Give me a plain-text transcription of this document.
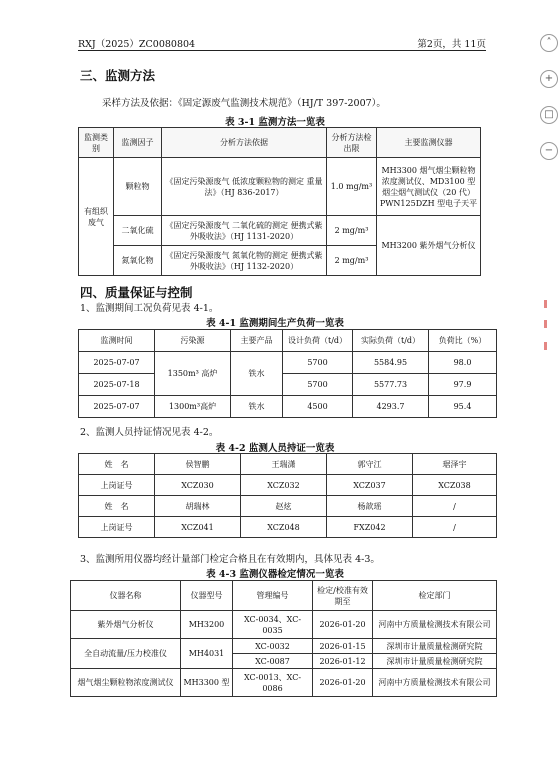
RXJ（2025）ZC0080804	第2页，共 11页
三、监测方法
采样方法及依据：《固定源废气监测技术规范》（HJ/T 397-2007）。
表 3-1 监测方法一览表
监测类别	监测因子	分析方法依据	分析方法检出限	主要监测仪器
有组织废气	颗粒物	《固定污染源废气 低浓度颗粒物的测定 重量法》（HJ 836-2017）	1.0 mg/m³	MH3300 烟气烟尘颗粒物浓度测试仪、MD3100 型烟尘烟气测试仪（20 代）PWN125DZH 型电子天平
	二氧化硫	《固定污染源废气 二氧化硫的测定 便携式紫外吸收法》（HJ 1131-2020）	2 mg/m³	MH3200 紫外烟气分析仪
	氮氧化物	《固定污染源废气 氮氧化物的测定 便携式紫外吸收法》（HJ 1132-2020）	2 mg/m³	
四、质量保证与控制
1、监测期间工况负荷见表 4-1。
表 4-1 监测期间生产负荷一览表
监测时间	污染源	主要产品	设计负荷（t/d）	实际负荷（t/d）	负荷比（%）
2025-07-07	1350m³ 高炉	铁水	5700	5584.95	98.0
2025-07-18			5700	5577.73	97.9
2025-07-07	1300m³高炉	铁水	4500	4293.7	95.4
2、监测人员持证情况见表 4-2。
表 4-2 监测人员持证一览表
姓　名	侯智鹏	王瑞潇	郭守江	琚泽宇
上岗证号	XCZ030	XCZ032	XCZ037	XCZ038
姓　名	胡瑞林	赵炫	杨歆瑶	/
上岗证号	XCZ041	XCZ048	FXZ042	/
3、监测所用仪器均经计量部门检定合格且在有效期内，具体见表 4-3。
表 4-3 监测仪器检定情况一览表
仪器名称	仪器型号	管理编号	检定/校准有效期至	检定部门
紫外烟气分析仪	MH3200	XC-0034、XC-0035	2026-01-20	河南中方质量检测技术有限公司
全自动流量/压力校准仪	MH4031	XC-0032	2026-01-15	深圳市计量质量检测研究院
		XC-0087	2026-01-12	深圳市计量质量检测研究院
烟气烟尘颗粒物浓度测试仪	MH3300 型	XC-0013、XC-0086	2026-01-20	河南中方质量检测技术有限公司
˄
+
□
−
